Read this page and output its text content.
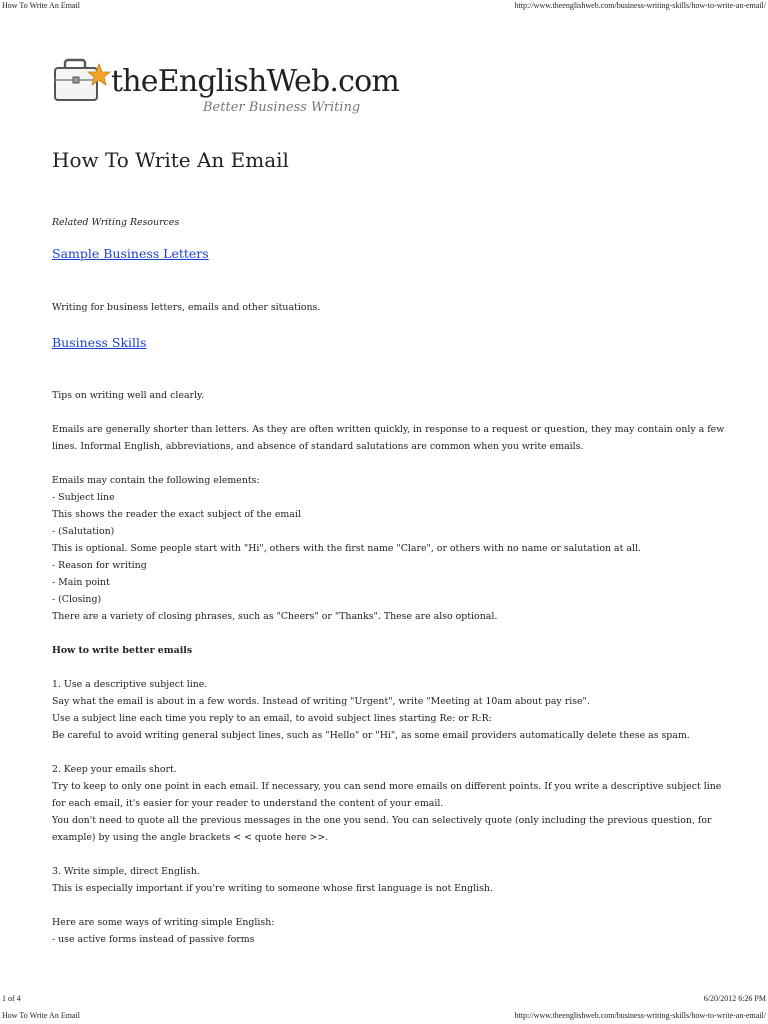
How To Write An Email	http://www.theenglishweb.com/business-writing-skills/how-to-write-an-email/
theEnglishWeb.com
Better Business Writing
How To Write An Email

Related Writing Resources

Sample Business Letters

Writing for business letters, emails and other situations.

Business Skills

Tips on writing well and clearly.

Emails are generally shorter than letters. As they are often written quickly, in response to a request or question, they may contain only a few lines. Informal English, abbreviations, and absence of standard salutations are common when you write emails.

Emails may contain the following elements:

- Subject line

This shows the reader the exact subject of the email

- (Salutation)

This is optional. Some people start with "Hi", others with the first name "Clare", or others with no name or salutation at all.

- Reason for writing

- Main point

- (Closing)

There are a variety of closing phrases, such as "Cheers" or "Thanks". These are also optional.

How to write better emails

1. Use a descriptive subject line.

Say what the email is about in a few words. Instead of writing "Urgent", write "Meeting at 10am about pay rise".

Use a subject line each time you reply to an email, to avoid subject lines starting Re: or R:R:

Be careful to avoid writing general subject lines, such as "Hello" or "Hi", as some email providers automatically delete these as spam.

2. Keep your emails short.

Try to keep to only one point in each email. If necessary, you can send more emails on different points. If you write a descriptive subject line for each email, it's easier for your reader to understand the content of your email.

You don't need to quote all the previous messages in the one you send. You can selectively quote (only including the previous question, for example) by using the angle brackets < < quote here >>.

3. Write simple, direct English.

This is especially important if you're writing to someone whose first language is not English.

Here are some ways of writing simple English:

- use active forms instead of passive forms

1 of 4	6/20/2012 6:26 PM
How To Write An Email	http://www.theenglishweb.com/business-writing-skills/how-to-write-an-email/
